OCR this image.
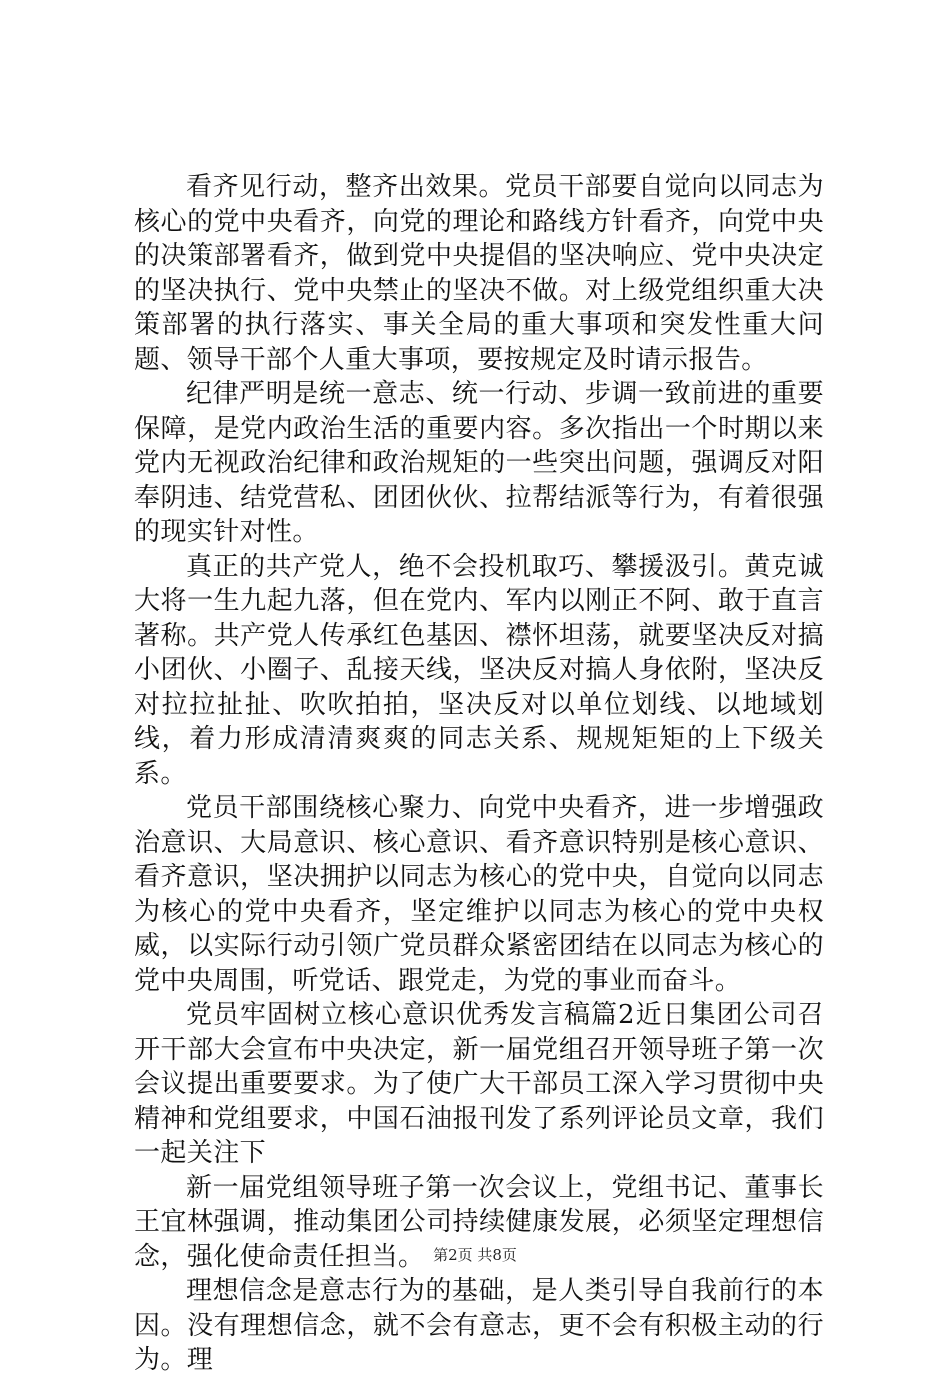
看齐见行动，整齐出效果。党员干部要自觉向以同志为核心的党中央看齐，向党的理论和路线方针看齐，向党中央的决策部署看齐，做到党中央提倡的坚决响应、党中央决定的坚决执行、党中央禁止的坚决不做。对上级党组织重大决策部署的执行落实、事关全局的重大事项和突发性重大问题、领导干部个人重大事项，要按规定及时请示报告。

纪律严明是统一意志、统一行动、步调一致前进的重要保障，是党内政治生活的重要内容。多次指出一个时期以来党内无视政治纪律和政治规矩的一些突出问题，强调反对阳奉阴违、结党营私、团团伙伙、拉帮结派等行为，有着很强的现实针对性。

真正的共产党人，绝不会投机取巧、攀援汲引。黄克诚大将一生九起九落，但在党内、军内以刚正不阿、敢于直言著称。共产党人传承红色基因、襟怀坦荡，就要坚决反对搞小团伙、小圈子、乱接天线，坚决反对搞人身依附，坚决反对拉拉扯扯、吹吹拍拍，坚决反对以单位划线、以地域划线，着力形成清清爽爽的同志关系、规规矩矩的上下级关系。

党员干部围绕核心聚力、向党中央看齐，进一步增强政治意识、大局意识、核心意识、看齐意识特别是核心意识、看齐意识，坚决拥护以同志为核心的党中央，自觉向以同志为核心的党中央看齐，坚定维护以同志为核心的党中央权威，以实际行动引领广党员群众紧密团结在以同志为核心的党中央周围，听党话、跟党走，为党的事业而奋斗。

党员牢固树立核心意识优秀发言稿篇2近日集团公司召开干部大会宣布中央决定，新一届党组召开领导班子第一次会议提出重要要求。为了使广大干部员工深入学习贯彻中央精神和党组要求，中国石油报刊发了系列评论员文章，我们一起关注下

新一届党组领导班子第一次会议上，党组书记、董事长王宜林强调，推动集团公司持续健康发展，必须坚定理想信念，强化使命责任担当。

理想信念是意志行为的基础，是人类引导自我前行的本因。没有理想信念，就不会有意志，更不会有积极主动的行为。理

第2页 共8页
